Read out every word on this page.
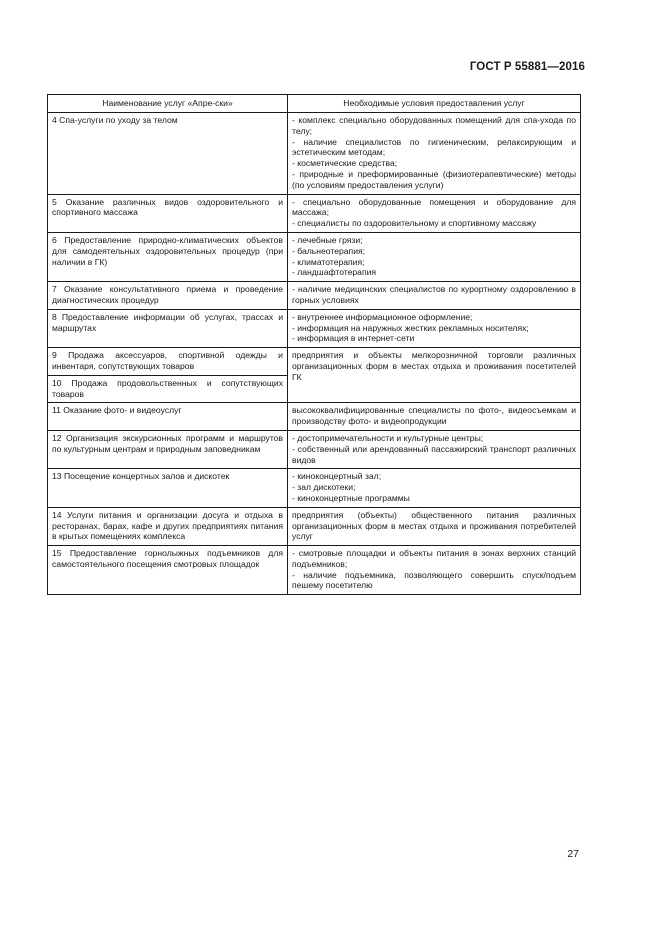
ГОСТ Р 55881—2016
Наименование услуг «Апре-ски»	Необходимые условия предоставления услуг
4 Спа-услуги по уходу за телом	- комплекс специально оборудованных помещений для спа-ухода по телу;
- наличие специалистов по гигиеническим, релаксирующим и эстетическим методам;
- косметические средства;
- природные и преформированные (физиотерапевтические) методы (по условиям предоставления услуги)

5 Оказание различных видов оздоровительного и спортивного массажа	- специально оборудованные помещения и оборудование для массажа;
- специалисты по оздоровительному и спортивному массажу

6 Предоставление природно-климатических объектов для самодеятельных оздоровительных процедур (при наличии в ГК)	- лечебные грязи;
- бальнеотерапия;
- климатотерапия;
- ландшафтотерапия

7 Оказание консультативного приема и проведение диагностических процедур	- наличие медицинских специалистов по курортному оздоровлению в горных условиях

8 Предоставление информации об услугах, трассах и маршрутах	- внутреннее информационное оформление;
- информация на наружных жестких рекламных носителях;
- информация в интернет-сети

9 Продажа аксессуаров, спортивной одежды и инвентаря, сопутствующих товаров	предприятия и объекты мелкорозничной торговли различных организационных форм в местах отдыха и проживания посетителей ГК

10 Продажа продовольственных и сопутствующих товаров	
11 Оказание фото- и видеоуслуг	высококвалифицированные специалисты по фото-, видеосъемкам и производству фото- и видеопродукции

12 Организация экскурсионных программ и маршрутов по культурным центрам и природным заповедникам	- достопримечательности и культурные центры;
- собственный или арендованный пассажирский транспорт различных видов

13 Посещение концертных залов и дискотек	- киноконцертный зал;
- зал дискотеки;
- киноконцертные программы

14 Услуги питания и организации досуга и отдыха в ресторанах, барах, кафе и других предприятиях питания в крытых помещениях комплекса	предприятия (объекты) общественного питания различных организационных форм в местах отдыха и проживания потребителей услуг

15 Предоставление горнолыжных подъемников для самостоятельного посещения смотровых площадок	- смотровые площадки и объекты питания в зонах верхних станций подъемников;
- наличие подъемника, позволяющего совершить спуск/подъем пешему посетителю
27
